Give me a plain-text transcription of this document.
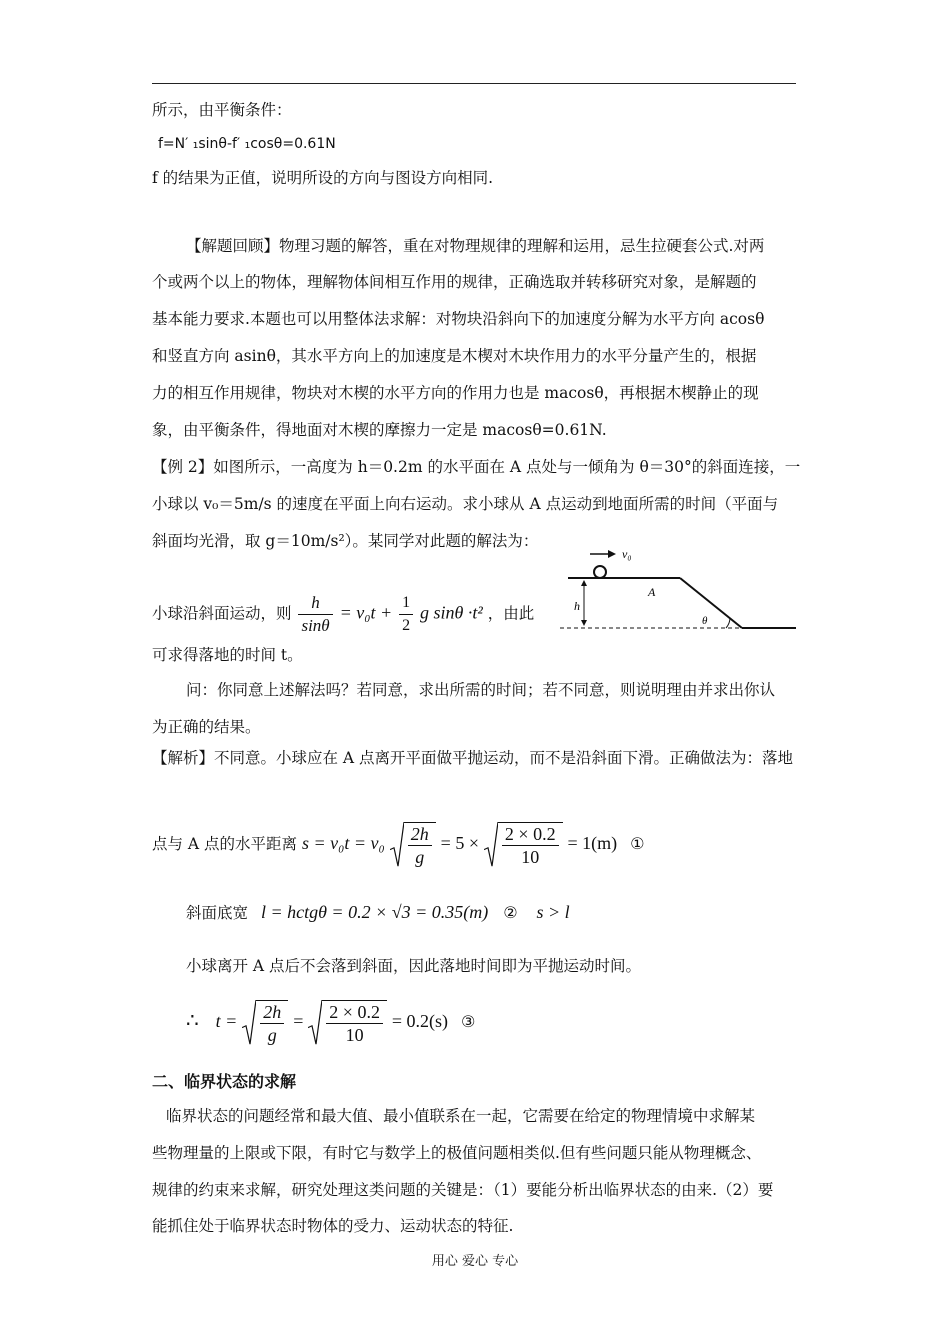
所示，由平衡条件：
f=N′ ₁sinθ-f′ ₁cosθ=0.61N
f 的结果为正值，说明所设的方向与图设方向相同.
【解题回顾】物理习题的解答，重在对物理规律的理解和运用，忌生拉硬套公式.对两
个或两个以上的物体，理解物体间相互作用的规律，正确选取并转移研究对象，是解题的
基本能力要求.本题也可以用整体法求解：对物块沿斜向下的加速度分解为水平方向 acosθ
和竖直方向 asinθ，其水平方向上的加速度是木楔对木块作用力的水平分量产生的，根据
力的相互作用规律，物块对木楔的水平方向的作用力也是 macosθ，再根据木楔静止的现
象，由平衡条件，得地面对木楔的摩擦力一定是 macosθ=0.61N.
【例 2】如图所示，一高度为 h＝0.2m 的水平面在 A 点处与一倾角为 θ＝30°的斜面连接，一
小球以 v₀＝5m/s 的速度在平面上向右运动。求小球从 A 点运动到地面所需的时间（平面与
斜面均光滑，取 g＝10m/s²）。某同学对此题的解法为：
v₀
h
A
θ
小球沿斜面运动，则 $\frac{h}{\sin\theta} = v_0t + \frac{1}{2}$ g sinθ ·t² ，由此
可求得落地的时间 t。
问：你同意上述解法吗？若同意，求出所需的时间；若不同意，则说明理由并求出你认
为正确的结果。
【解析】不同意。小球应在 A 点离开平面做平抛运动，而不是沿斜面下滑。正确做法为：落地
点与 A 点的水平距离 $s = v_0t = v_0 \frac{2h}{g} = 5 \times \frac{2 \times 0.2}{10} = 1(m)$ ①
斜面底宽 l = hctgθ = 0.2 × √3 = 0.35(m) ② s > l
小球离开 A 点后不会落到斜面，因此落地时间即为平抛运动时间。
∴ $t = \frac{2h}{g} = \frac{2 \times 0.2}{10} = 0.2(s)$ ③
二、临界状态的求解
临界状态的问题经常和最大值、最小值联系在一起，它需要在给定的物理情境中求解某
些物理量的上限或下限，有时它与数学上的极值问题相类似.但有些问题只能从物理概念、
规律的约束来求解，研究处理这类问题的关键是：（1）要能分析出临界状态的由来.（2）要
能抓住处于临界状态时物体的受力、运动状态的特征.
用心 爱心 专心
